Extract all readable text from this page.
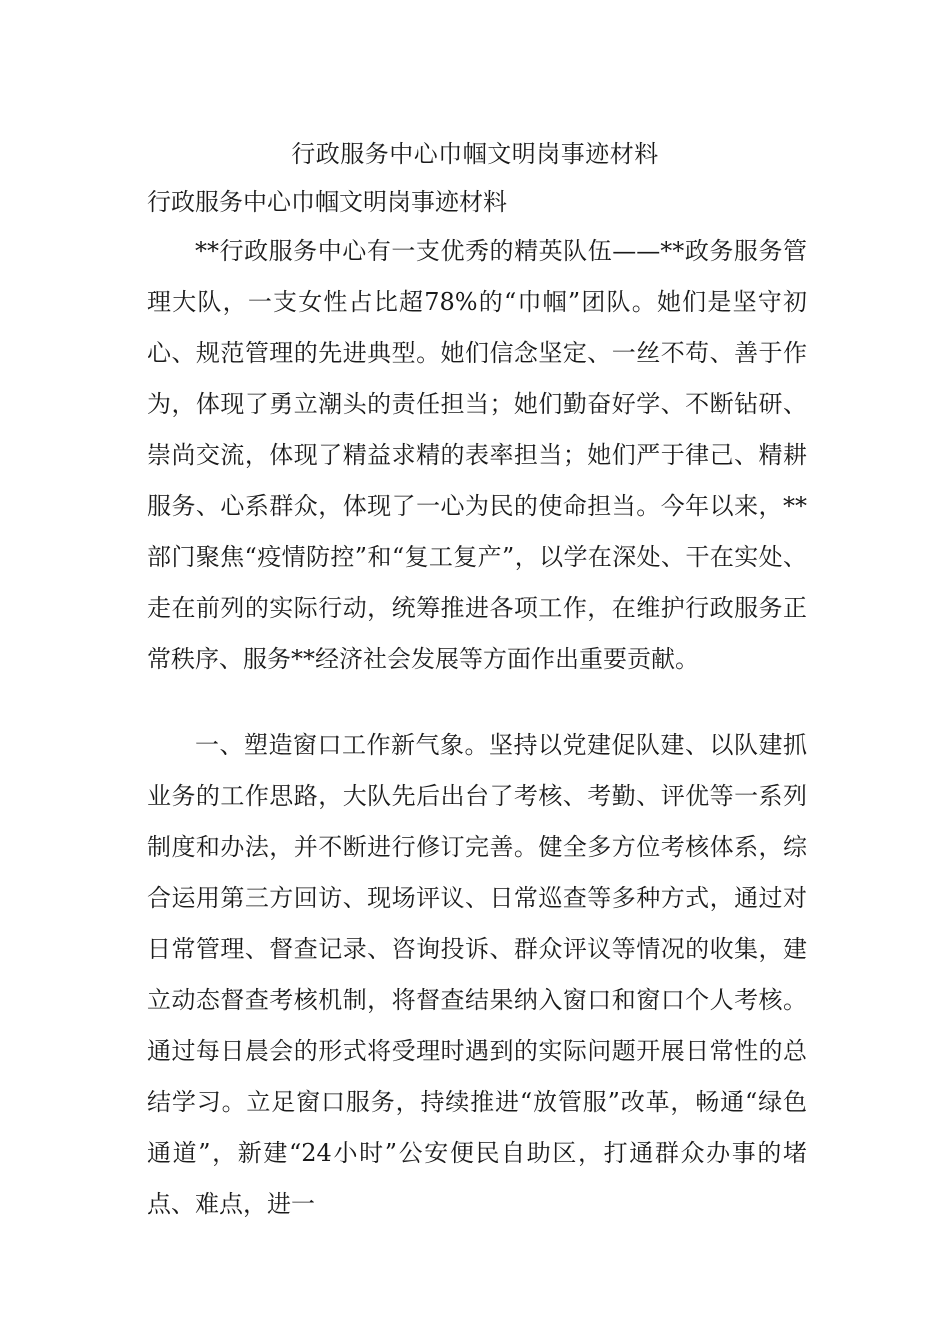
行政服务中心巾帼文明岗事迹材料
行政服务中心巾帼文明岗事迹材料

**行政服务中心有一支优秀的精英队伍——**政务服务管理大队，一支女性占比超78%的“巾帼”团队。她们是坚守初心、规范管理的先进典型。她们信念坚定、一丝不苟、善于作为，体现了勇立潮头的责任担当；她们勤奋好学、不断钻研、崇尚交流，体现了精益求精的表率担当；她们严于律己、精耕服务、心系群众，体现了一心为民的使命担当。今年以来，**部门聚焦“疫情防控”和“复工复产”，以学在深处、干在实处、走在前列的实际行动，统筹推进各项工作，在维护行政服务正常秩序、服务**经济社会发展等方面作出重要贡献。

一、塑造窗口工作新气象。坚持以党建促队建、以队建抓业务的工作思路，大队先后出台了考核、考勤、评优等一系列制度和办法，并不断进行修订完善。健全多方位考核体系，综合运用第三方回访、现场评议、日常巡查等多种方式，通过对日常管理、督查记录、咨询投诉、群众评议等情况的收集，建立动态督查考核机制，将督查结果纳入窗口和窗口个人考核。通过每日晨会的形式将受理时遇到的实际问题开展日常性的总结学习。立足窗口服务，持续推进“放管服”改革，畅通“绿色通道”，新建“24小时”公安便民自助区，打通群众办事的堵点、难点，进一
